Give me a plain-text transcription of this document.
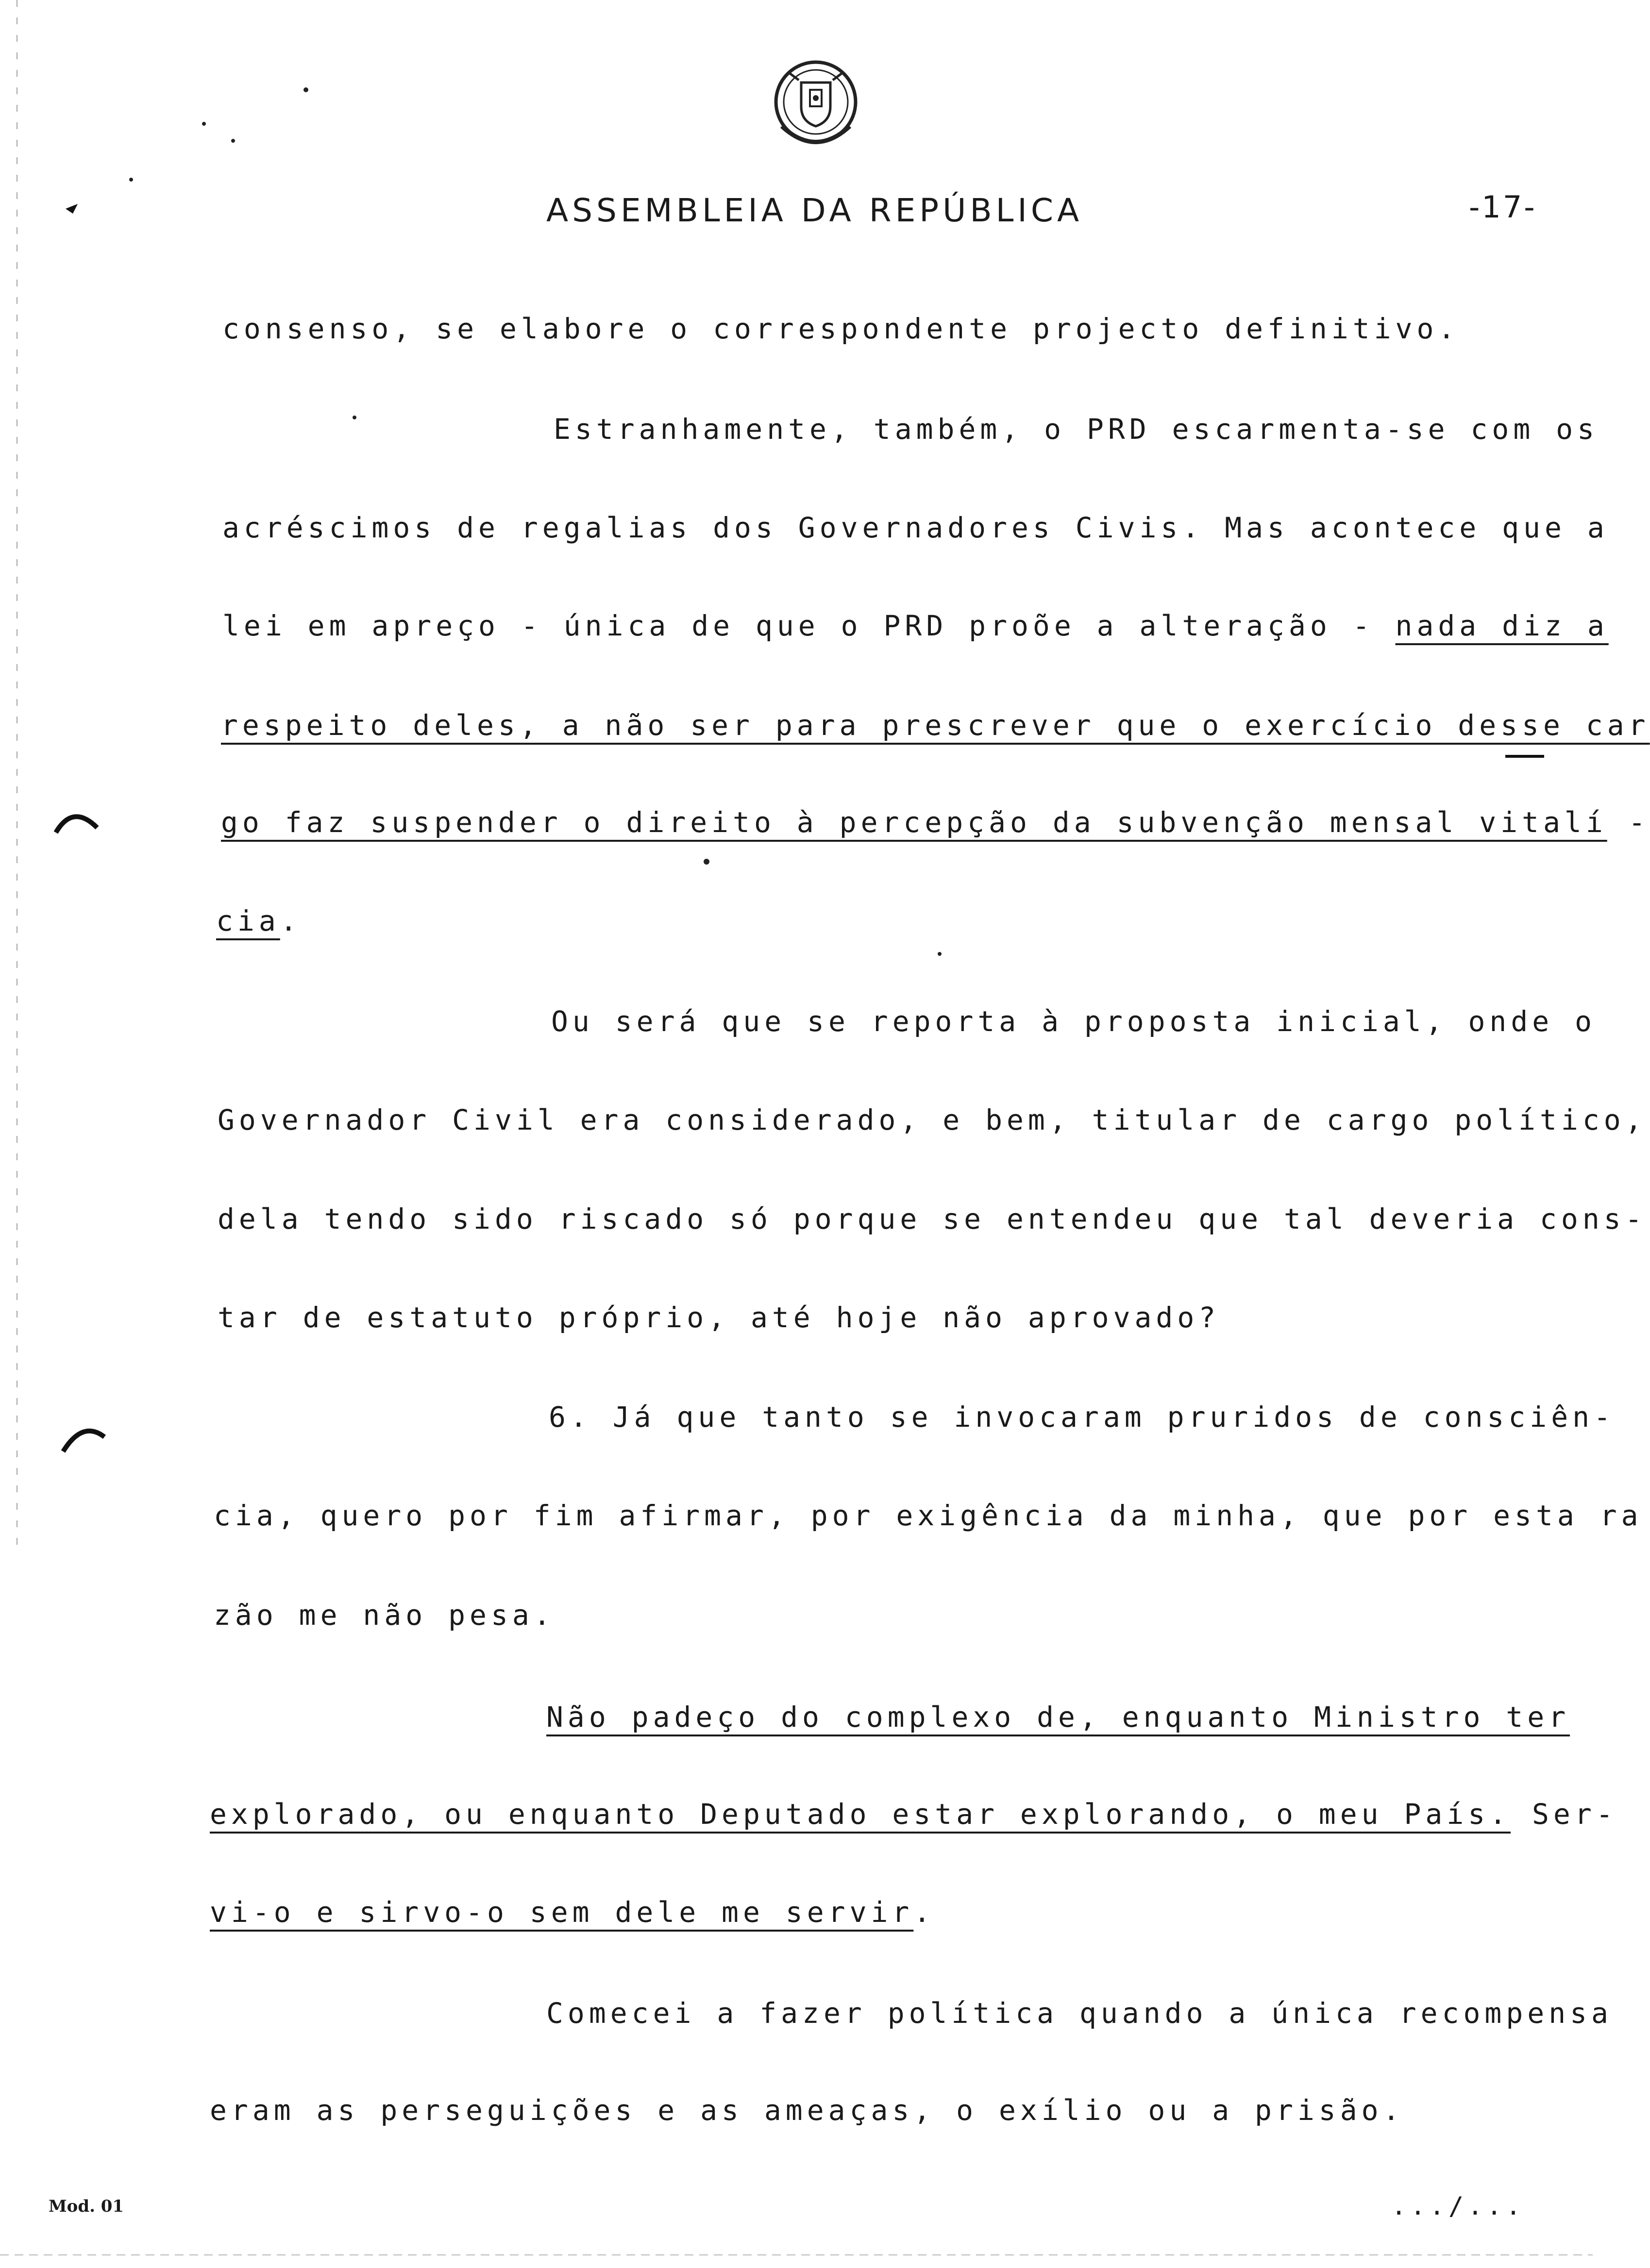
ASSEMBLEIA DA REPÚBLICA	-17-
consenso, se elabore o correspondente projecto definitivo.
Estranhamente, também, o PRD escarmenta-se com os
acréscimos de regalias dos Governadores Civis. Mas acontece que a
lei em apreço - única de que o PRD proõe a alteração - nada diz a
respeito deles, a não ser para prescrever que o exercício desse car
go faz suspender o direito à percepção da subvenção mensal vitalí -
cia.
Ou será que se reporta à proposta inicial, onde o
Governador Civil era considerado, e bem, titular de cargo político,
dela tendo sido riscado só porque se entendeu que tal deveria cons-
tar de estatuto próprio, até hoje não aprovado?
6. Já que tanto se invocaram pruridos de consciên-
cia, quero por fim afirmar, por exigência da minha, que por esta ra
zão me não pesa.
Não padeço do complexo de, enquanto Ministro ter
explorado, ou enquanto Deputado estar explorando, o meu País. Ser-
vi-o e sirvo-o sem dele me servir.
Comecei a fazer política quando a única recompensa
eram as perseguições e as ameaças, o exílio ou a prisão.
Mod. 01	.../...
